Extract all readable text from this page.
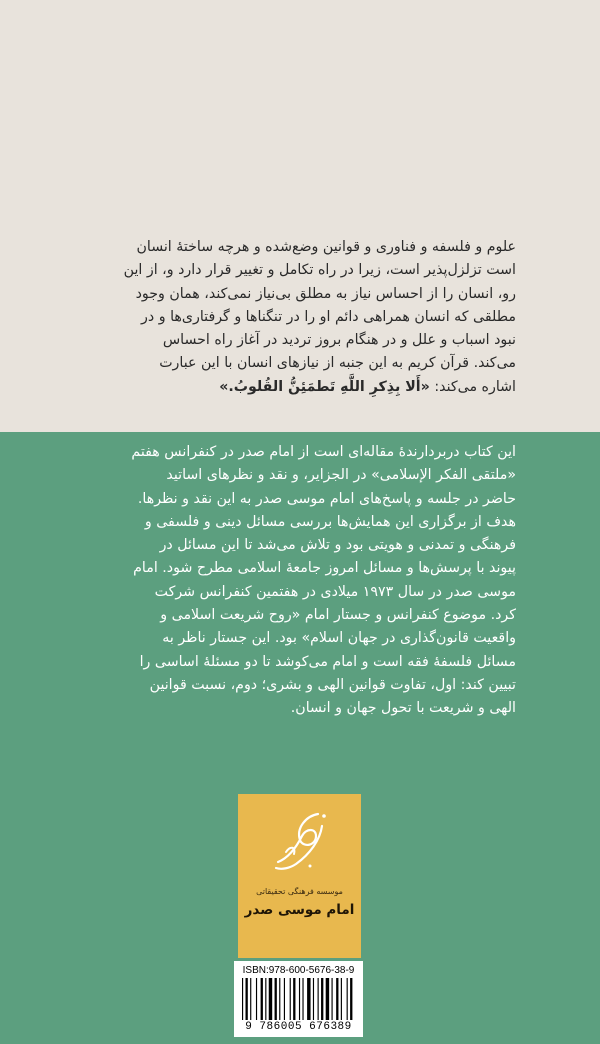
علوم و فلسفه و فناوری و قوانین وضع‌شده و هرچه ساختهٔ انسان
است تزلزل‌پذیر است، زیرا در راه تکامل و تغییر قرار دارد و، از این
رو، انسان را از احساس نیاز به مطلق بی‌نیاز نمی‌کند، همان وجود
مطلقی که انسان همراهی دائم او را در تنگناها و گرفتاری‌ها و در
نبود اسباب و علل و در هنگام بروز تردید در آغاز راه احساس
می‌کند. قرآن کریم به این جنبه از نیازهای انسان با این عبارت
اشاره می‌کند: «أَلا بِذِکرِ اللَّهِ تَطمَئِنُّ القُلوبُ.»
این کتاب دربردارندهٔ مقاله‌ای است از امام صدر در کنفرانس هفتم
«ملتقی الفکر الإسلامی» در الجزایر، و نقد و نظرهای اساتید
حاضر در جلسه و پاسخ‌های امام موسی صدر به این نقد و نظرها.
هدف از برگزاری این همایش‌ها بررسی مسائل دینی و فلسفی و
فرهنگی و تمدنی و هویتی بود و تلاش می‌شد تا این مسائل در
پیوند با پرسش‌ها و مسائل امروز جامعهٔ اسلامی مطرح شود. امام
موسی صدر در سال ۱۹۷۳ میلادی در هفتمین کنفرانس شرکت
کرد. موضوع کنفرانس و جستار امام «روح شریعت اسلامی و
واقعیت قانون‌گذاری در جهان اسلام» بود. این جستار ناظر به
مسائل فلسفهٔ فقه است و امام می‌کوشد تا دو مسئلهٔ اساسی را
تبیین کند: اول، تفاوت قوانین الهی و بشری؛ دوم، نسبت قوانین
الهی و شریعت با تحول جهان و انسان.
موسسه فرهنگی تحقیقاتی
امام موسی صدر
ISBN:978-600-5676-38-9
9 786005 676389
